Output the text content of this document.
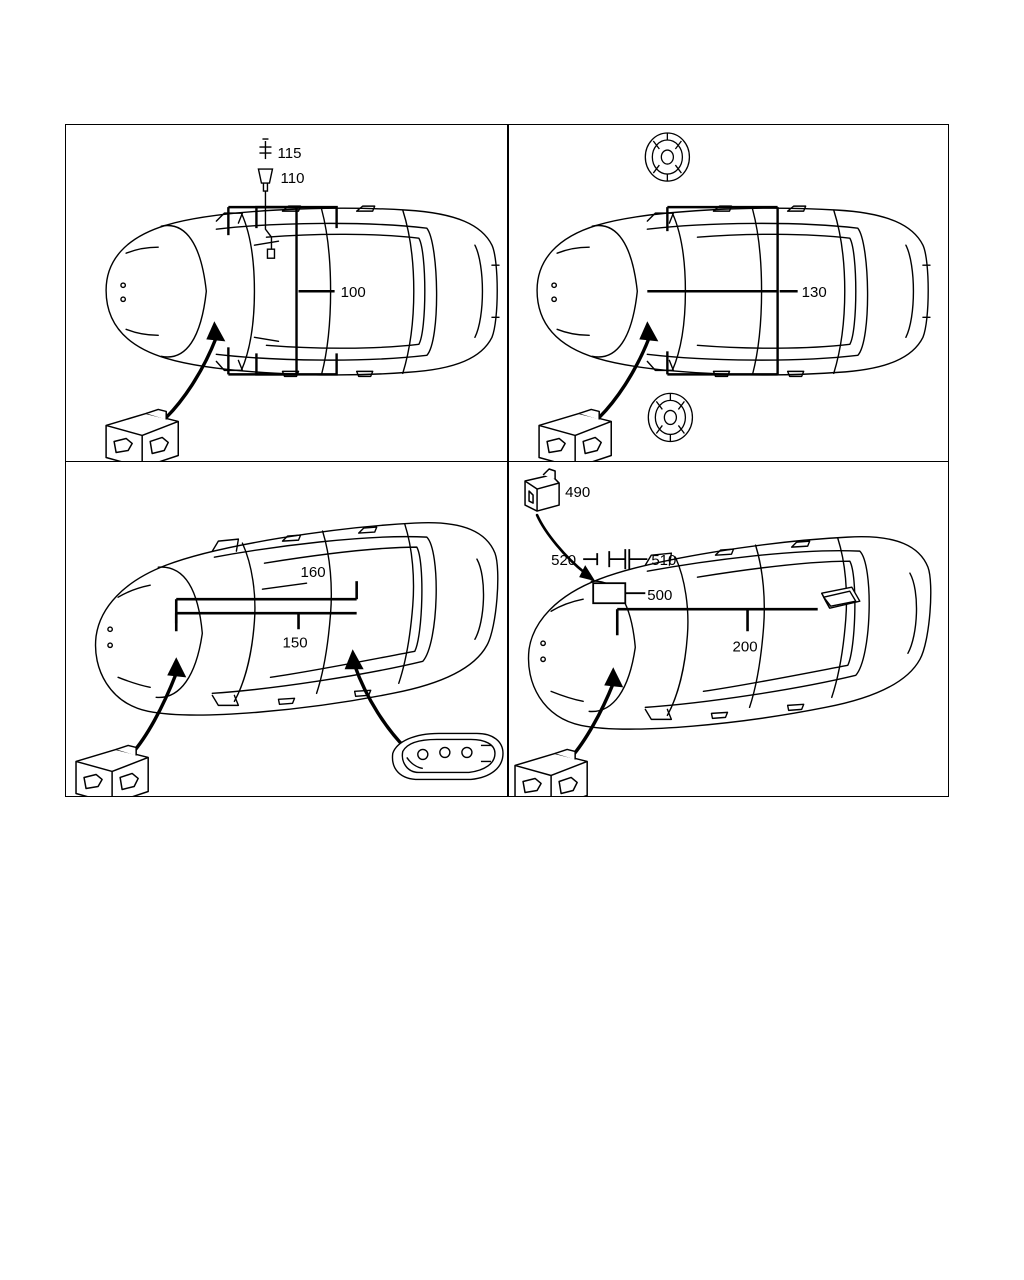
100
115
110
130
160
150	200
500
520	510
490
